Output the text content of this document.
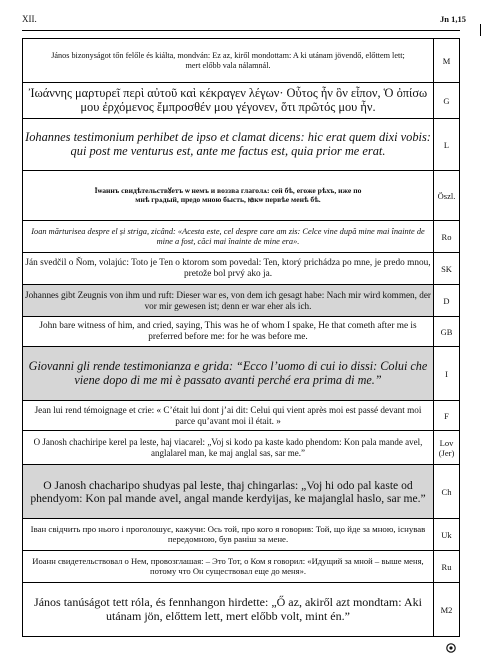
XII.	Jn 1,15
János bizonyságot tőn felőle és kiálta, mondván: Ez az, kiről mondottam: A ki utánam jövendő, előttem lett; mert előbb vala nálamnál.	M
Ἰωάννης μαρτυρεῖ περὶ αὐτοῦ καὶ κέκραγεν λέγων· Οὗτος ἦν ὃν εἶπον, Ὁ ὀπίσω μου ἐρχόμενος ἔμπροσθέν μου γέγονεν, ὅτι πρῶτός μου ἦν.	G
Iohannes testimonium perhibet de ipso et clamat dicens: hic erat quem dixi vobis: qui post me venturus est, ante me factus est, quia prior me erat.	L
Їѡаннъ свидѣтельствꙋетъ ѡ немъ и воззва глаголѧ: сей бѣ, егоже рѣхъ, иже по мнѣ грѧдый, предо мною бысть, ꙗкѡ первѣе менѣ бѣ.	Öszl.
Ioan mărturisea despre el și striga, zicând: «Acesta este, cel despre care am zis: Celce vine după mine mai înainte de mine a fost, căci mai înainte de mine era».	Ro
Ján svedčil o Ňom, volajúc: Toto je Ten o ktorom som povedal: Ten, ktorý prichádza po mne, je predo mnou, pretože bol prvý ako ja.	SK
Johannes gibt Zeugnis von ihm und ruft: Dieser war es, von dem ich gesagt habe: Nach mir wird kommen, der vor mir gewesen ist; denn er war eher als ich.	D
John bare witness of him, and cried, saying, This was he of whom I spake, He that cometh after me is preferred before me: for he was before me.	GB
Giovanni gli rende testimonianza e grida: “Ecco l’uomo di cui io dissi: Colui che viene dopo di me mi è passato avanti perché era prima di me.”	I
Jean lui rend témoignage et crie: « C’était lui dont j’ai dit: Celui qui vient après moi est passé devant moi parce qu’avant moi il était. »	F
O Janosh chachiripe kerel pa leste, haj viacarel: „Voj si kodo pa kaste kado phendom: Kon pala mande avel, anglalarel man, ke maj anglal sas, sar me.”	Lov (Jer)
O Janosh chacharipo shudyas pal leste, thaj chingarlas: „Voj hi odo pal kaste od phendyom: Kon pal mande avel, angal mande kerdyijas, ke majanglal haslo, sar me.”	Ch
Іван свідчить про нього і проголошує, кажучи: Ось той, про кого я говорив: Той, що йде за мною, існував передомною, був раніш за мене.	Uk
Иоанн свидетельствовал о Нем, провозглашая: – Это Тот, о Ком я говорил: «Идущий за мной – выше меня, потому что Он существовал еще до меня».	Ru
János tanúságot tett róla, és fennhangon hirdette: „Ő az, akiről azt mondtam: Aki utánam jön, előttem lett, mert előbb volt, mint én.”	M2
